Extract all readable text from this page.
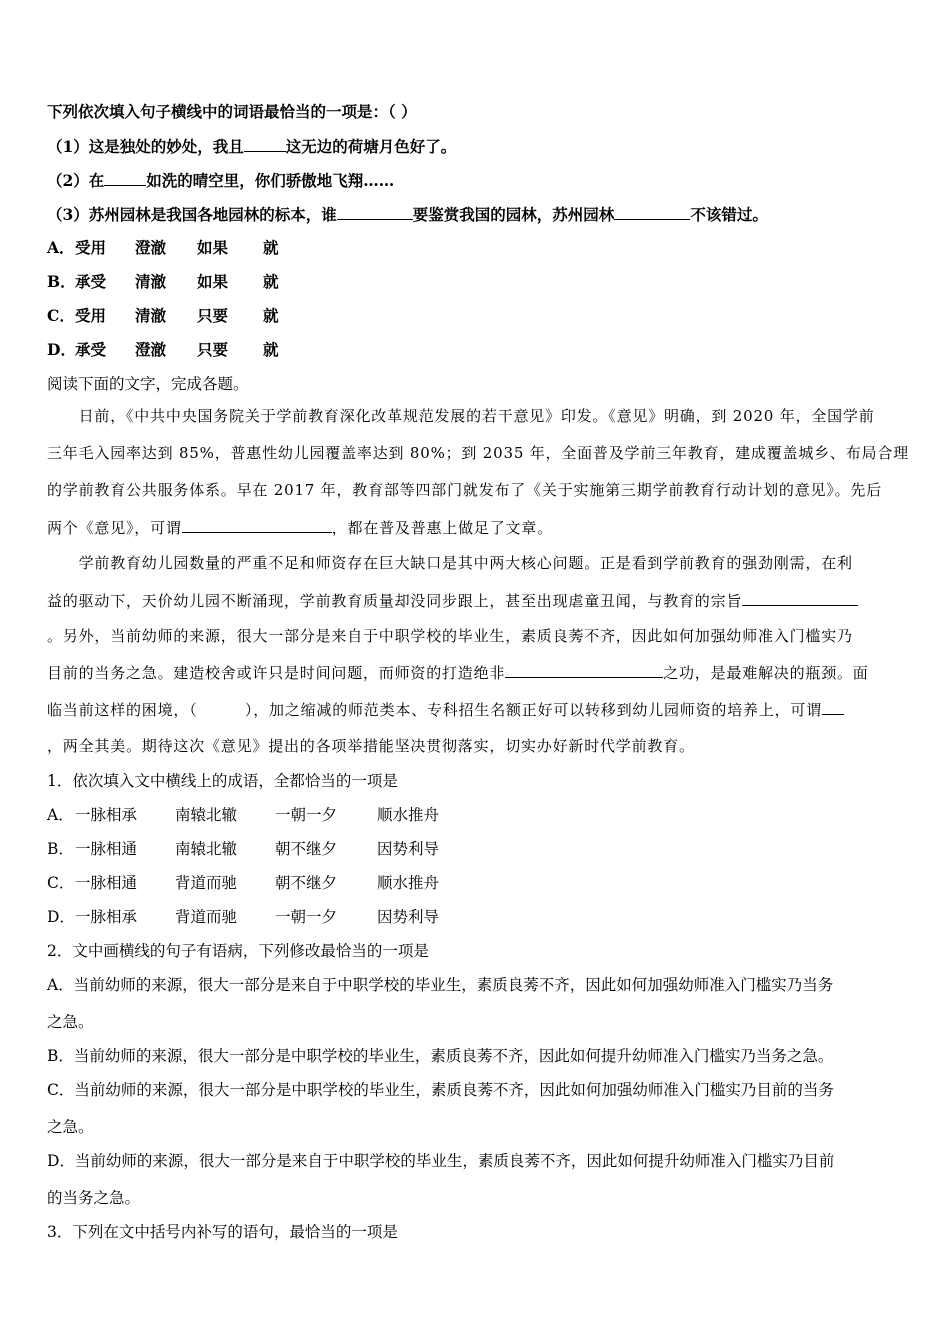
下列依次填入句子横线中的词语最恰当的一项是：（ ）
（1）这是独处的妙处，我且	这无边的荷塘月色好了。
（2）在	如洗的晴空里，你们骄傲地飞翔……
（3）苏州园林是我国各地园林的标本，谁	要鉴赏我国的园林，苏州园林	不该错过。
A．受用 澄澈 如果 就
B．承受 清澈 如果 就
C．受用 清澈 只要 就
D．承受 澄澈 只要 就
阅读下面的文字，完成各题。
　　日前，《中共中央国务院关于学前教育深化改革规范发展的若干意见》印发。《意见》明确，到 2020 年，全国学前
三年毛入园率达到 85%，普惠性幼儿园覆盖率达到 80%；到 2035 年，全面普及学前三年教育，建成覆盖城乡、布局合理
的学前教育公共服务体系。早在 2017 年，教育部等四部门就发布了《关于实施第三期学前教育行动计划的意见》。先后
两个《意见》，可谓	，都在普及普惠上做足了文章。
　　学前教育幼儿园数量的严重不足和师资存在巨大缺口是其中两大核心问题。正是看到学前教育的强劲刚需，在利
益的驱动下，天价幼儿园不断涌现，学前教育质量却没同步跟上，甚至出现虐童丑闻，与教育的宗旨
。另外，当前幼师的来源，很大一部分是来自于中职学校的毕业生，素质良莠不齐，因此如何加强幼师准入门槛实乃
目前的当务之急。建造校舍或许只是时间问题，而师资的打造绝非	之功，是最难解决的瓶颈。面
临当前这样的困境，（　　　），加之缩减的师范类本、专科招生名额正好可以转移到幼儿园师资的培养上，可谓
，两全其美。期待这次《意见》提出的各项举措能坚决贯彻落实，切实办好新时代学前教育。
1．依次填入文中横线上的成语，全都恰当的一项是
A．一脉相承 南辕北辙 一朝一夕	顺水推舟
B．一脉相通 南辕北辙 朝不继夕	因势利导
C．一脉相通 背道而驰 朝不继夕	顺水推舟
D．一脉相承 背道而驰 一朝一夕	因势利导
2．文中画横线的句子有语病，下列修改最恰当的一项是
A．当前幼师的来源，很大一部分是来自于中职学校的毕业生，素质良莠不齐，因此如何加强幼师准入门槛实乃当务
之急。
B．当前幼师的来源，很大一部分是中职学校的毕业生，素质良莠不齐，因此如何提升幼师准入门槛实乃当务之急。
C．当前幼师的来源，很大一部分是中职学校的毕业生，素质良莠不齐，因此如何加强幼师准入门槛实乃目前的当务
之急。
D．当前幼师的来源，很大一部分是来自于中职学校的毕业生，素质良莠不齐，因此如何提升幼师准入门槛实乃目前
的当务之急。
3．下列在文中括号内补写的语句，最恰当的一项是
